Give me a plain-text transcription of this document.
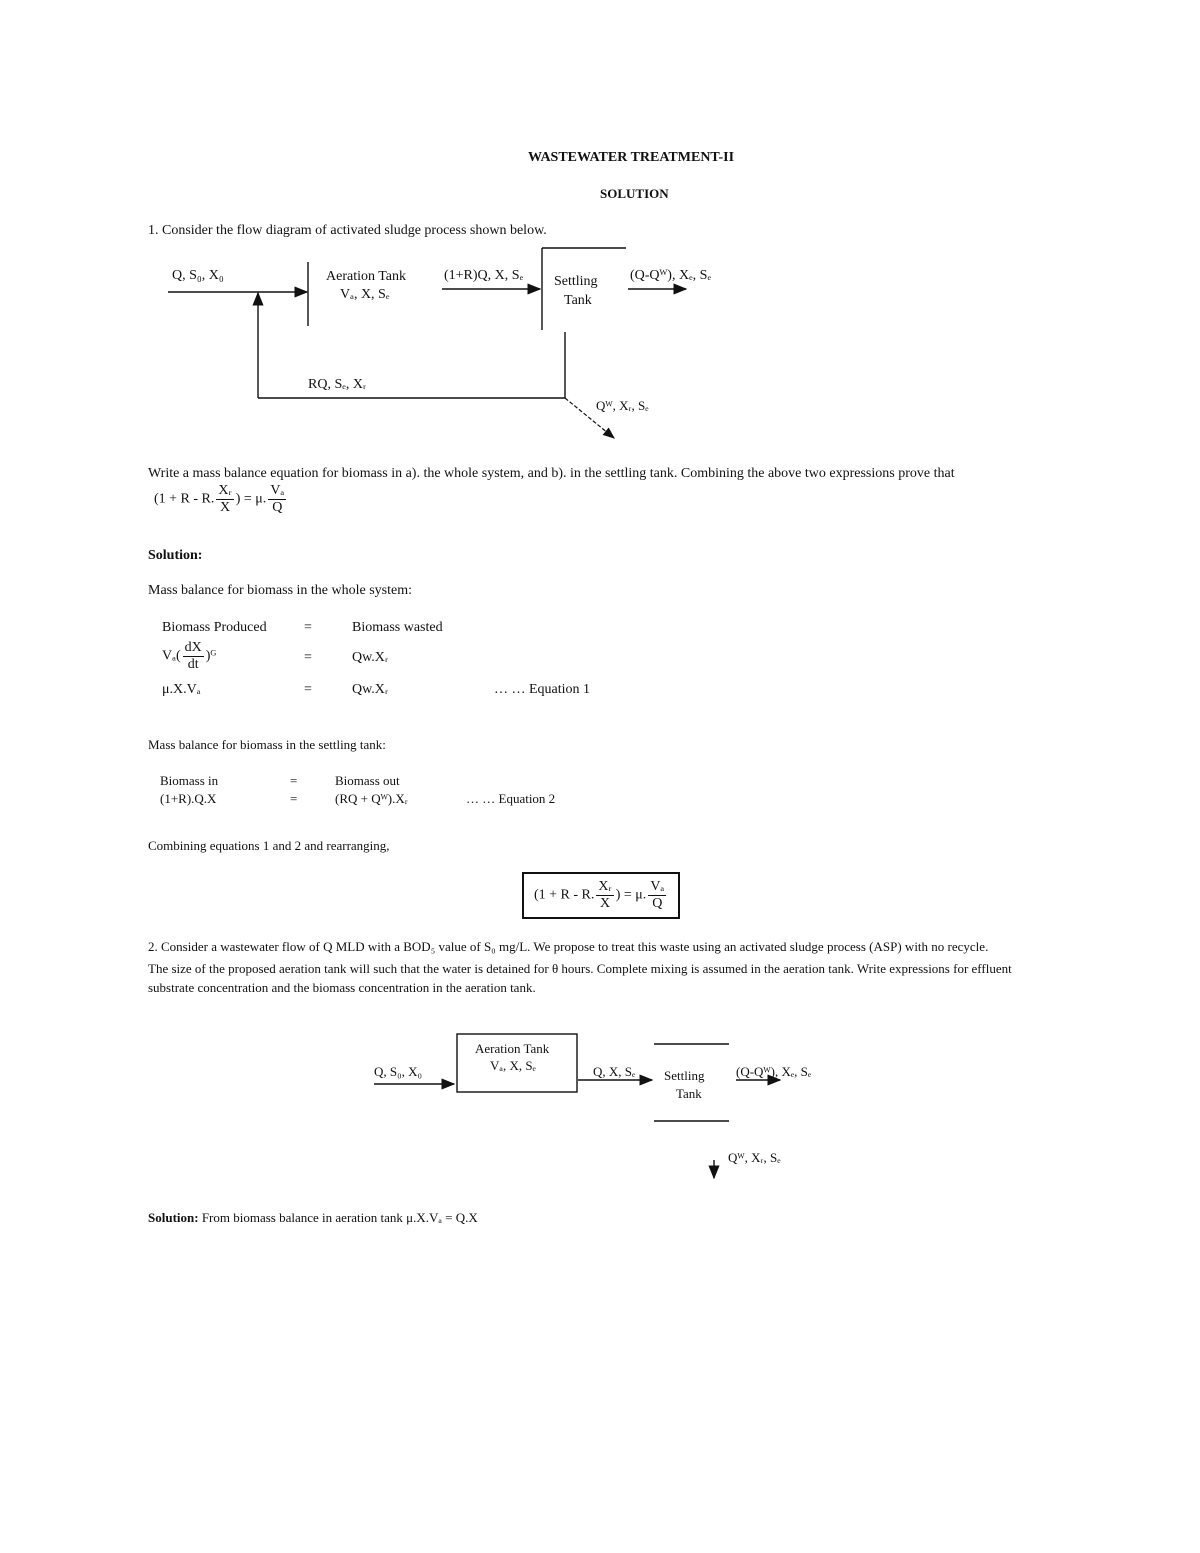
WASTEWATER TREATMENT-II
SOLUTION
1. Consider the flow diagram of activated sludge process shown below.
Q, S₀, X₀	Aeration Tank
Vₐ, X, Sₑ
(1+R)Q, X, Sₑ Settling
Tank
(Q-Qᵂ), Xₑ, Sₑ
RQ, Sₑ, Xᵣ
Qᵂ, Xᵣ, Sₑ
Write a mass balance equation for biomass in a). the whole system, and b). in the settling tank. Combining the above two expressions prove that
(1 + R - R. $\frac{\text{Xᵣ}}{X}$ ) = μ. $\frac{\text{Vₐ}}{Q}$
Solution:
Mass balance for biomass in the whole system:
Biomass Produced	=	Biomass wasted
$V_a( \frac{dX}{dt}$ )ᴳ	=	Qw.Xᵣ
μ.X.Vₐ	=	Qw.Xᵣ	… … Equation 1
Mass balance for biomass in the settling tank:
Biomass in	=	Biomass out
(1+R).Q.X	=	(RQ + Qᵂ).Xᵣ	… … Equation 2
Combining equations 1 and 2 and rearranging,
(1 + R - R. $\frac{\text{Xᵣ}}{X}$ ) = μ. $\frac{\text{Vₐ}}{Q}$
2. Consider a wastewater flow of Q MLD with a BOD₅ value of S₀ mg/L. We propose to treat this waste using an activated sludge process (ASP) with no recycle.
The size of the proposed aeration tank will such that the water is detained for θ hours. Complete mixing is assumed in the aeration tank. Write expressions for effluent
substrate concentration and the biomass concentration in the aeration tank.
Q, S₀, X₀
Aeration Tank
Vₐ, X, Sₑ	Q, X, Sₑ Settling
Tank
(Q-Qᵂ), Xₑ, Sₑ
Qᵂ, Xᵣ, Sₑ
Solution: From biomass balance in aeration tank μ.X.Vₐ = Q.X
